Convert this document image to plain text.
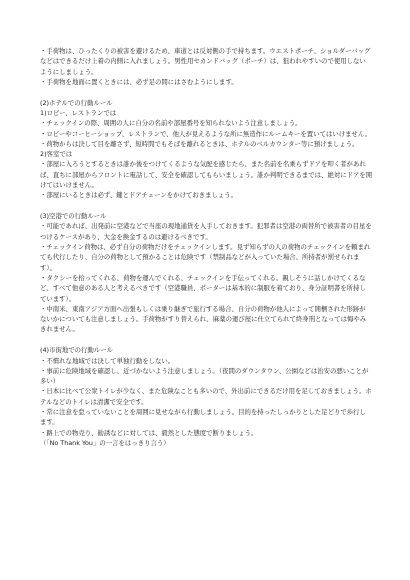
・手荷物は、ひったくりの被害を避けるため、車道とは反対側の手で持ちます。ウエストポーチ、ショルダーバッグなどはできるだけ上着の内側に入れましょう。男性用セカンドバッグ（ポーチ）は、狙われやすいので使用しないようにしましょう。

・手荷物を地面に置くときには、必ず足の間にはさむようにします。

(2)ホテルでの行動ルール

1)ロビー、レストランでは

・チェックインの際、周囲の人に自分の名前や部屋番号を知られないよう注意しましょう。

・ロビーやコーヒーショップ、レストランで、他人が見えるような所に無造作にルームキーを置いてはいけません。

・荷物からは決して目を離さず、短時間でもそばを離れるときは、ホテルのベルカウンター等に預けましょう。

2)客室では

・部屋に入ろうとするときは誰か後をつけてくるような気配を感じたら、また名前を名乗らずドアを叩く者があれば、直ちに部屋からフロントに電話して、安全を確認してもらいましょう。誰か判明できるまでは、絶対にドアを開けてはいけません。

・部屋にいるときは必ず、鍵とドアチェーンをかけておきましょう。

(3)空港での行動ルール

・可能であれば、出発前に空港などで当座の現地通貨を入手しておきます。犯罪者は空港の両替所で被害者の目星をつけるケースがあり、大金を換金するのは避けるべきです。

・チェックイン荷物は、必ず自分の荷物だけをチェックインします。見ず知らずの人の荷物のチェックインを頼まれても代行したり、自分の荷物として預かることは危険です（禁制品などが入っていた場合、所持者が罰せられます）。

・タクシーを拾ってくれる、荷物を運んでくれる、チェックインを手伝ってくれる。親しそうに話しかけてくるなど、すべて他意のある人と考えるべきです（空港職員、ポーターは基本的に制服を着ており、身分証明書を所持しています）。

・中南米、東南アジア方面へ出張もしくは乗り継ぎで旅行する場合、自分の荷物が他人によって開梱された形跡がないかについても注意しましょう。手荷物がすり替えられ、麻薬の運び屋に仕立てられて終身刑となっては悔やみきれません。

(4)市街地での行動ルール

・不慣れな地域では決して単独行動をしない。

・事前に危険地域を確認し、近づかないよう注意しましょう。（夜間のダウンタウン、公園などは治安の悪いことが多い）

・日本に比べて公衆トイレが少なく、また危険なことも多いので、外出前にできるだけ用を足しておきましょう。ホテルなどのトイレは清潔で安全です。

・常に注意を怠っていないことを周囲に見せながら行動しましょう。目的を持ったしっかりとした足どりで歩行します。

・路上での物売り、勧誘などに対しては、毅然とした態度で断りましょう。

（「No Thank You」の一言をはっきり言う）
